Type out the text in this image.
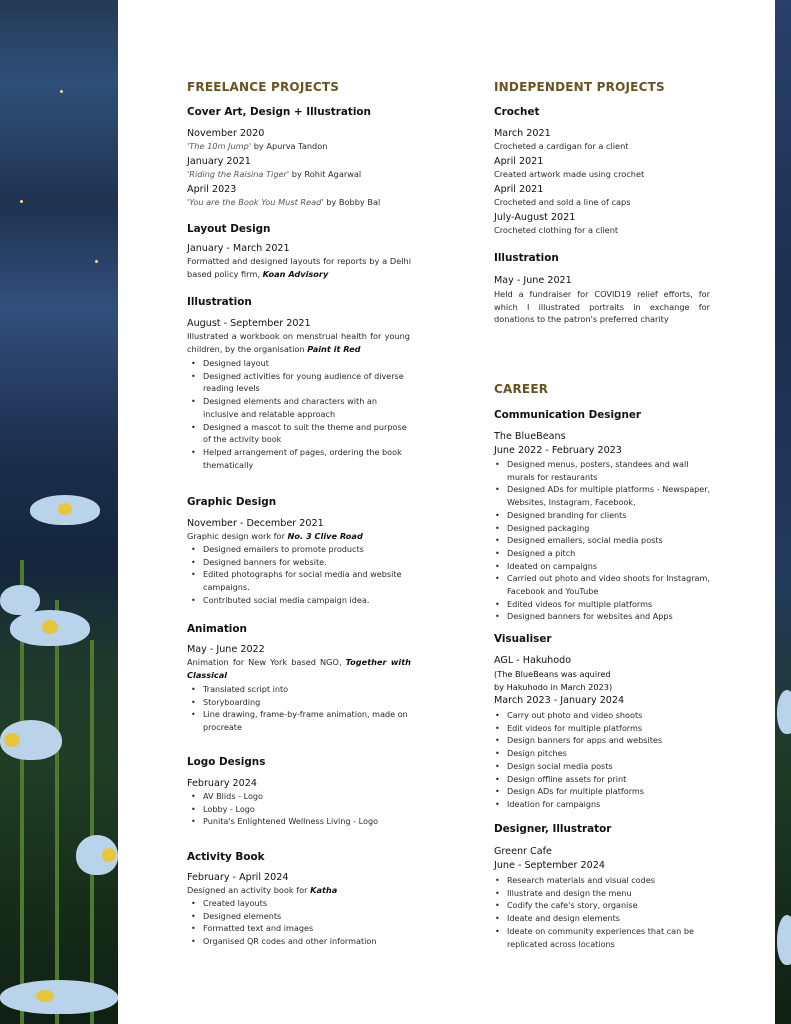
FREELANCE PROJECTS
Cover Art, Design + Illustration
November 2020
'The 10m Jump' by Apurva Tandon
January 2021
'Riding the Raisina Tiger' by Rohit Agarwal
April 2023
'You are the Book You Must Read' by Bobby Bal
Layout Design
January - March 2021
Formatted and designed layouts for reports by a Delhi based policy firm, Koan Advisory
Illustration
August - September 2021
Illustrated a workbook on menstrual health for young children, by the organisation Paint it Red
• Designed layout
• Designed activities for young audience of diverse reading levels
• Designed elements and characters with an inclusive and relatable approach
• Designed a mascot to suit the theme and purpose of the activity book
• Helped arrangement of pages, ordering the book thematically
Graphic Design
November - December 2021
Graphic design work for No. 3 Clive Road
• Designed emailers to promote products
• Designed banners for website.
• Edited photographs for social media and website campaigns.
• Contributed social media campaign idea.
Animation
May - June 2022
Animation for New York based NGO, Together with Classical
• Translated script into
• Storyboarding
• Line drawing, frame-by-frame animation, made on procreate
Logo Designs
February 2024
• AV Blids - Logo
• Lobby - Logo
• Punita's Enlightened Wellness Living - Logo
Activity Book
February - April 2024
Designed an activity book for Katha
• Created layouts
• Designed elements
• Formatted text and images
• Organised QR codes and other information
INDEPENDENT PROJECTS
Crochet
March 2021
Crocheted a cardigan for a client
April 2021
Created artwork made using crochet
April 2021
Crocheted and sold a line of caps
July-August 2021
Crocheted clothing for a client
Illustration
May - June 2021
Held a fundraiser for COVID19 relief efforts, for which I illustrated portraits in exchange for donations to the patron's preferred charity
CAREER
Communication Designer
The BlueBeans
June 2022 - February 2023
• Designed menus, posters, standees and wall murals for restaurants
• Designed ADs for multiple platforms - Newspaper, Websites, Instagram, Facebook,
• Designed branding for clients
• Designed packaging
• Designed emailers, social media posts
• Designed a pitch
• Ideated on campaigns
• Carried out photo and video shoots for Instagram, Facebook and YouTube
• Edited videos for multiple platforms
• Designed banners for websites and Apps
Visualiser
AGL - Hakuhodo
(The BlueBeans was aquired
by Hakuhodo in March 2023)
March 2023 - January 2024
• Carry out photo and video shoots
• Edit videos for multiple platforms
• Design banners for apps and websites
• Design pitches
• Design social media posts
• Design offline assets for print
• Design ADs for multiple platforms
• Ideation for campaigns
Designer, Illustrator
Greenr Cafe
June - September 2024
• Research materials and visual codes
• Illustrate and design the menu
• Codify the cafe's story, organise
• Ideate and design elements
• Ideate on community experiences that can be replicated across locations
